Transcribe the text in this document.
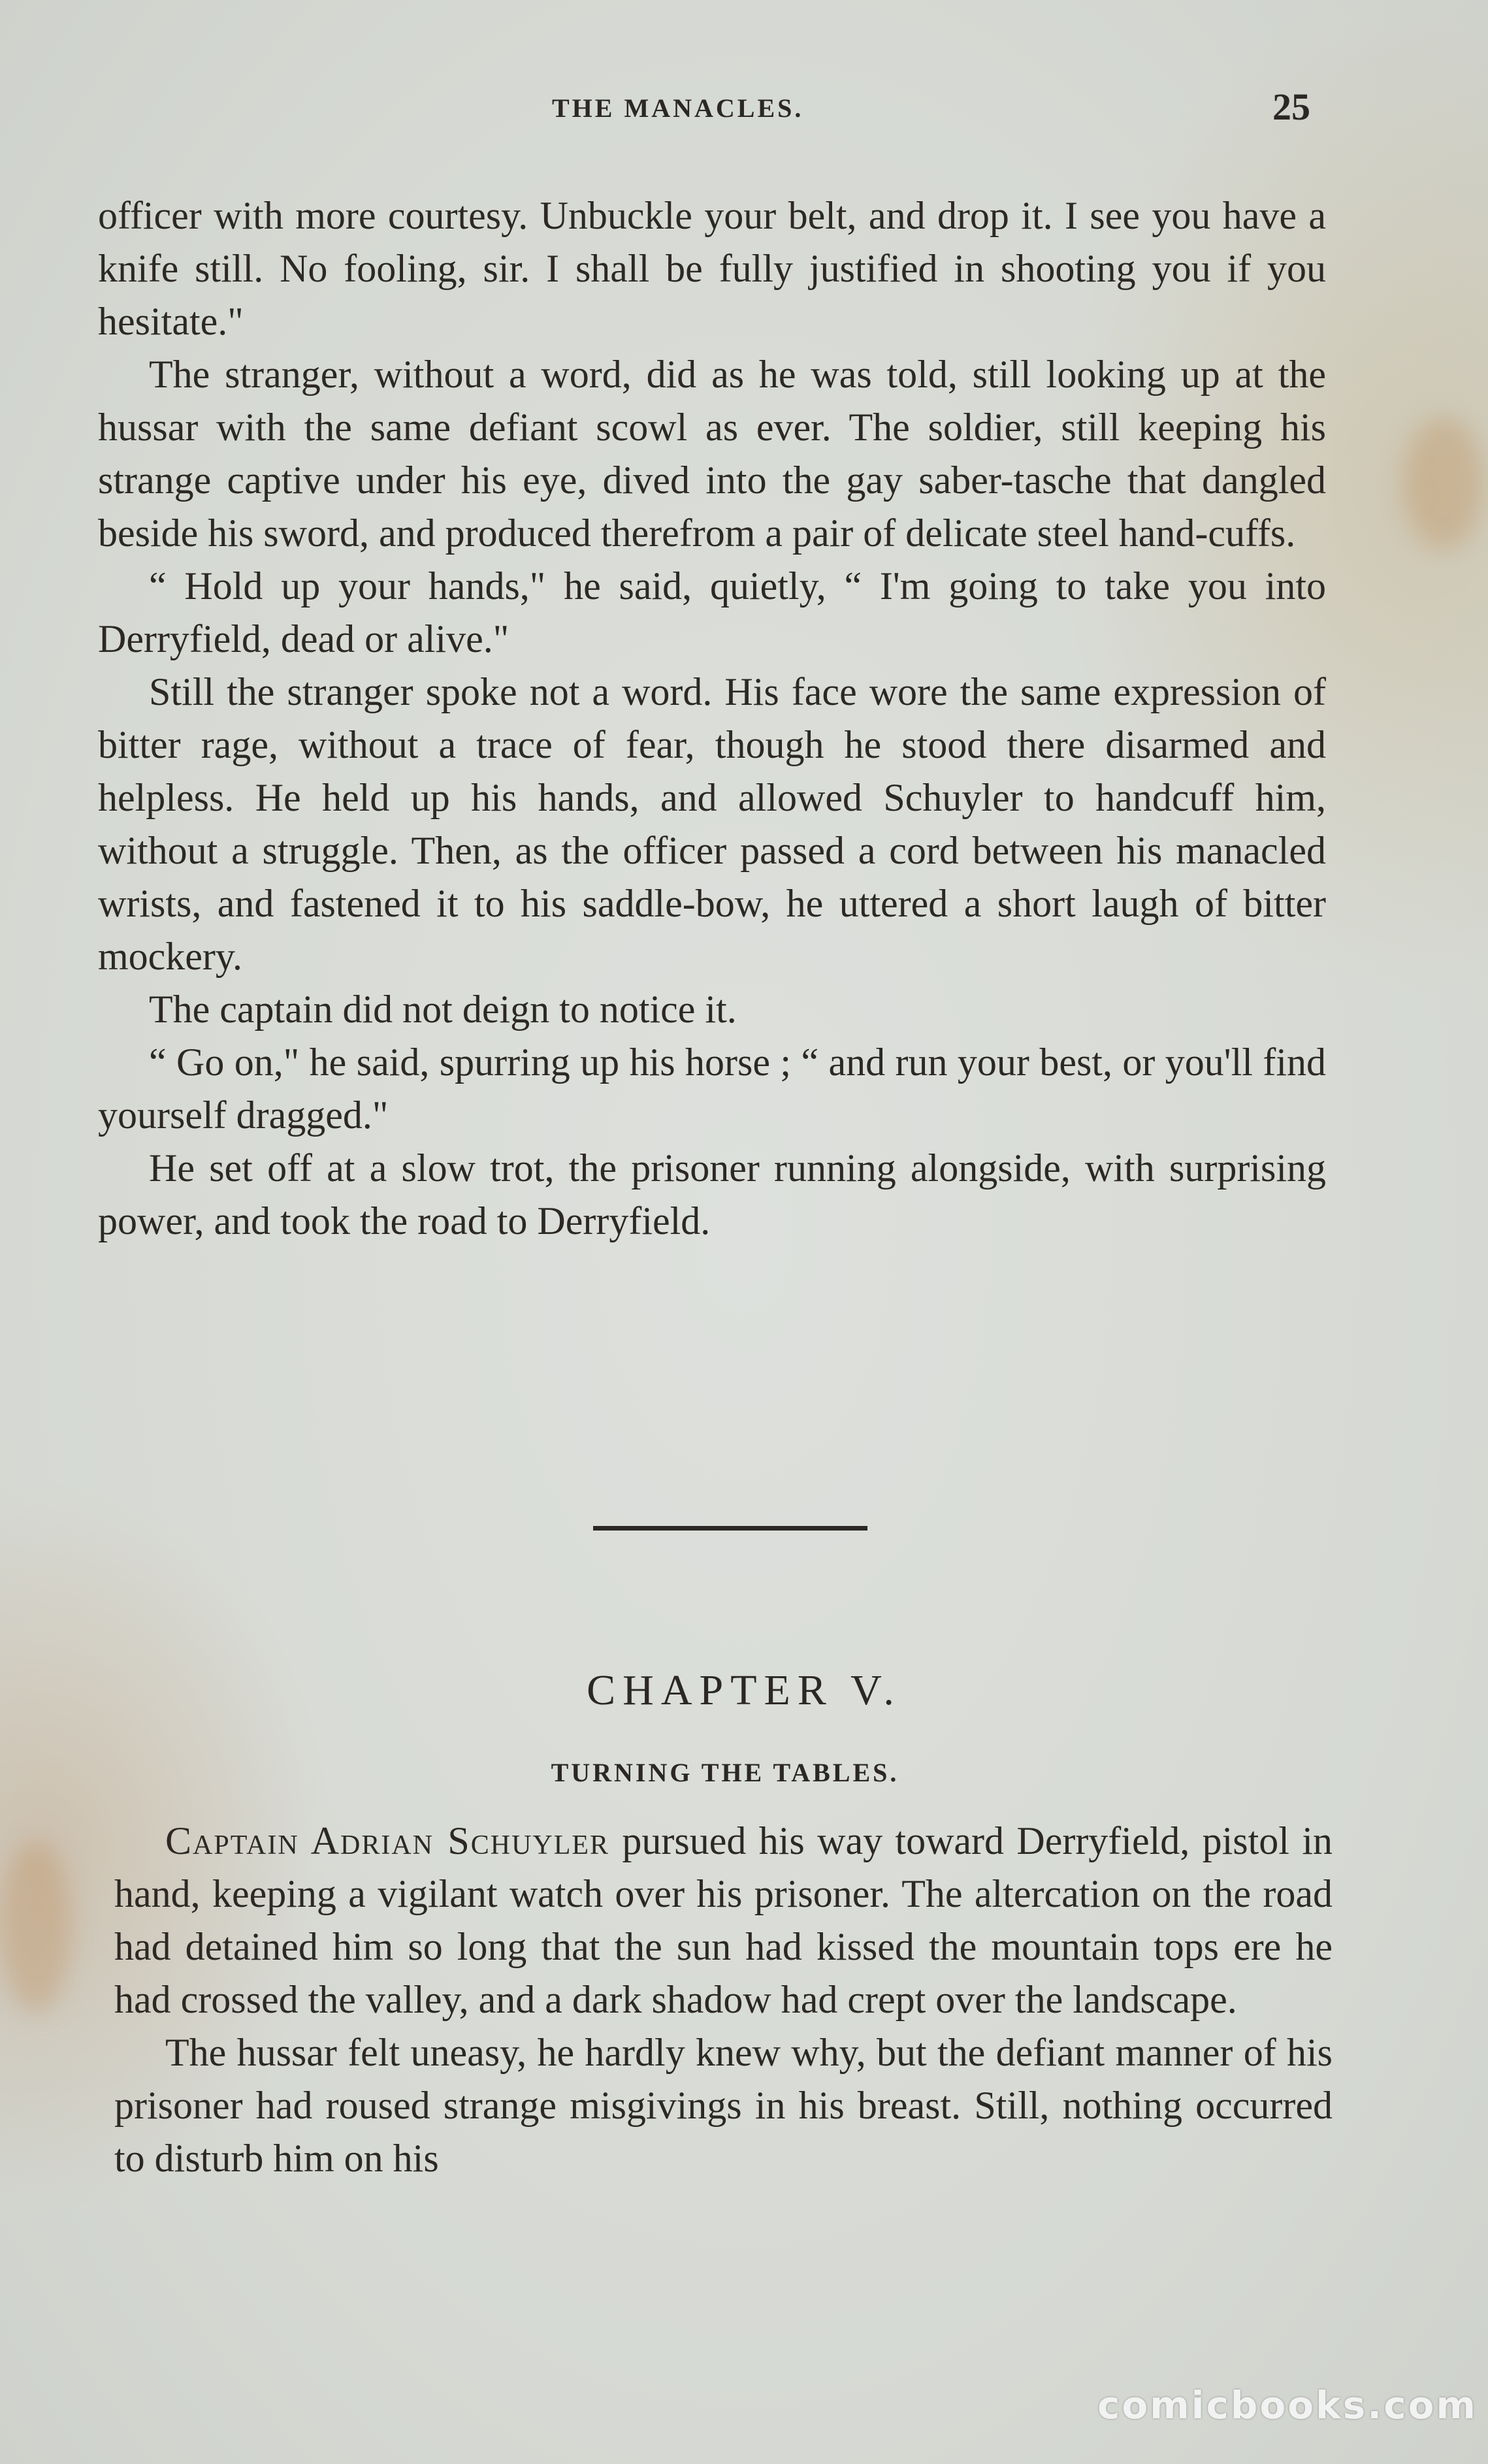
THE MANACLES.	25

officer with more courtesy. Unbuckle your belt, and drop it. I see you have a knife still. No fooling, sir. I shall be fully justified in shooting you if you hesitate."

The stranger, without a word, did as he was told, still looking up at the hussar with the same defiant scowl as ever. The soldier, still keeping his strange captive under his eye, dived into the gay saber-tasche that dangled beside his sword, and produced therefrom a pair of delicate steel hand-cuffs.

“ Hold up your hands," he said, quietly, “ I'm going to take you into Derryfield, dead or alive."

Still the stranger spoke not a word. His face wore the same expression of bitter rage, without a trace of fear, though he stood there disarmed and helpless. He held up his hands, and allowed Schuyler to handcuff him, without a struggle. Then, as the officer passed a cord between his manacled wrists, and fastened it to his saddle-bow, he uttered a short laugh of bitter mockery.

The captain did not deign to notice it.

“ Go on," he said, spurring up his horse ; “ and run your best, or you'll find yourself dragged."

He set off at a slow trot, the prisoner running alongside, with surprising power, and took the road to Derryfield.

CHAPTER V.
TURNING THE TABLES.

Captain Adrian Schuyler pursued his way toward Derryfield, pistol in hand, keeping a vigilant watch over his prisoner. The altercation on the road had detained him so long that the sun had kissed the mountain tops ere he had crossed the valley, and a dark shadow had crept over the landscape.

The hussar felt uneasy, he hardly knew why, but the defiant manner of his prisoner had roused strange misgivings in his breast. Still, nothing occurred to disturb him on his

comicbooks.com
